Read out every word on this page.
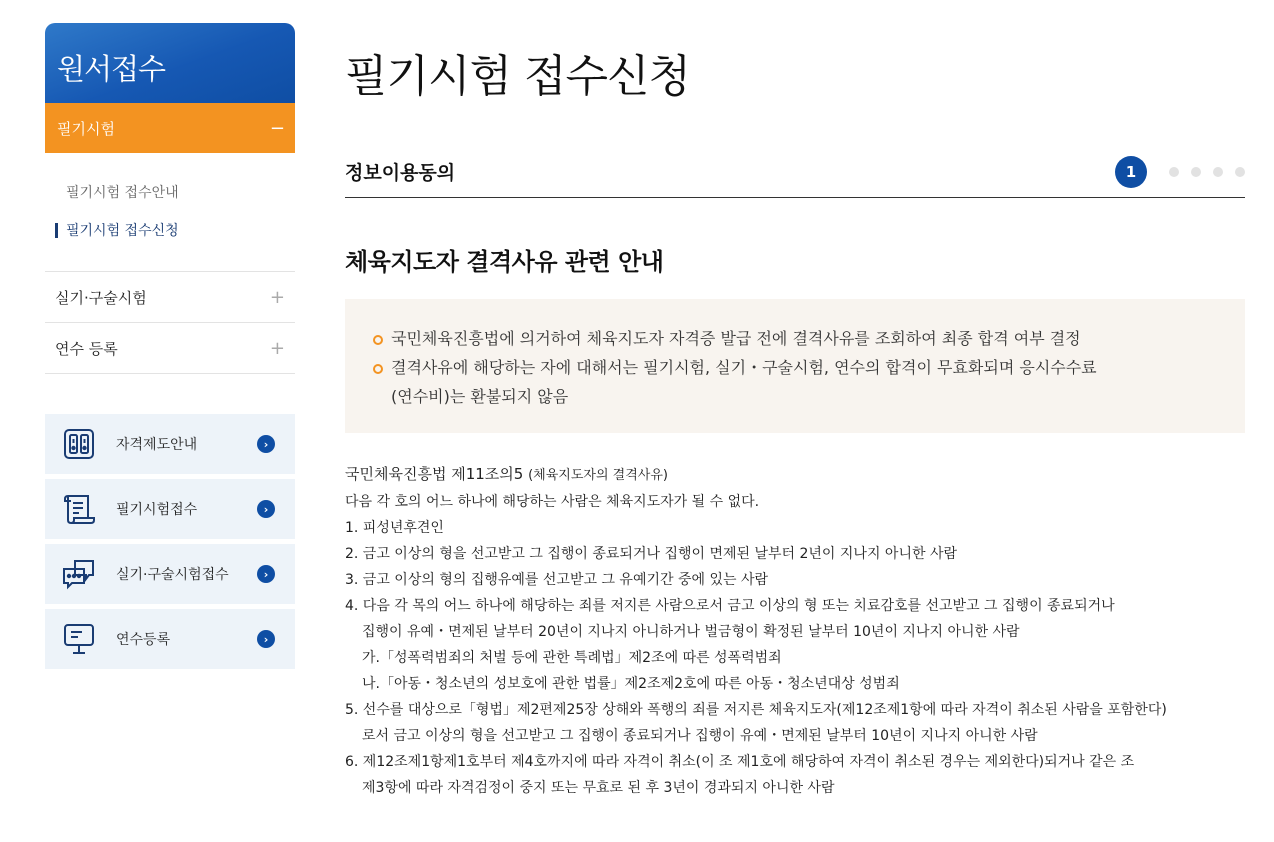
원서접수
필기시험	−
필기시험 접수안내
필기시험 접수신청
실기·구술시험	+
연수 등록	+
자격제도안내	›
필기시험접수	›
실기·구술시험접수	›
연수등록	›
필기시험 접수신청
정보이용동의	1
체육지도자 결격사유 관련 안내
국민체육진흥법에 의거하여 체육지도자 자격증 발급 전에 결격사유를 조회하여 최종 합격 여부 결정
결격사유에 해당하는 자에 대해서는 필기시험, 실기・구술시험, 연수의 합격이 무효화되며 응시수수료
(연수비)는 환불되지 않음
국민체육진흥법 제11조의5 (체육지도자의 결격사유)
다음 각 호의 어느 하나에 해당하는 사람은 체육지도자가 될 수 없다.
1. 피성년후견인
2. 금고 이상의 형을 선고받고 그 집행이 종료되거나 집행이 면제된 날부터 2년이 지나지 아니한 사람
3. 금고 이상의 형의 집행유예를 선고받고 그 유예기간 중에 있는 사람
4. 다음 각 목의 어느 하나에 해당하는 죄를 저지른 사람으로서 금고 이상의 형 또는 치료감호를 선고받고 그 집행이 종료되거나
집행이 유예・면제된 날부터 20년이 지나지 아니하거나 벌금형이 확정된 날부터 10년이 지나지 아니한 사람
가.「성폭력범죄의 처벌 등에 관한 특례법」제2조에 따른 성폭력범죄
나.「아동・청소년의 성보호에 관한 법률」제2조제2호에 따른 아동・청소년대상 성범죄
5. 선수를 대상으로「형법」제2편제25장 상해와 폭행의 죄를 저지른 체육지도자(제12조제1항에 따라 자격이 취소된 사람을 포함한다)
로서 금고 이상의 형을 선고받고 그 집행이 종료되거나 집행이 유예・면제된 날부터 10년이 지나지 아니한 사람
6. 제12조제1항제1호부터 제4호까지에 따라 자격이 취소(이 조 제1호에 해당하여 자격이 취소된 경우는 제외한다)되거나 같은 조
제3항에 따라 자격검정이 중지 또는 무효로 된 후 3년이 경과되지 아니한 사람
